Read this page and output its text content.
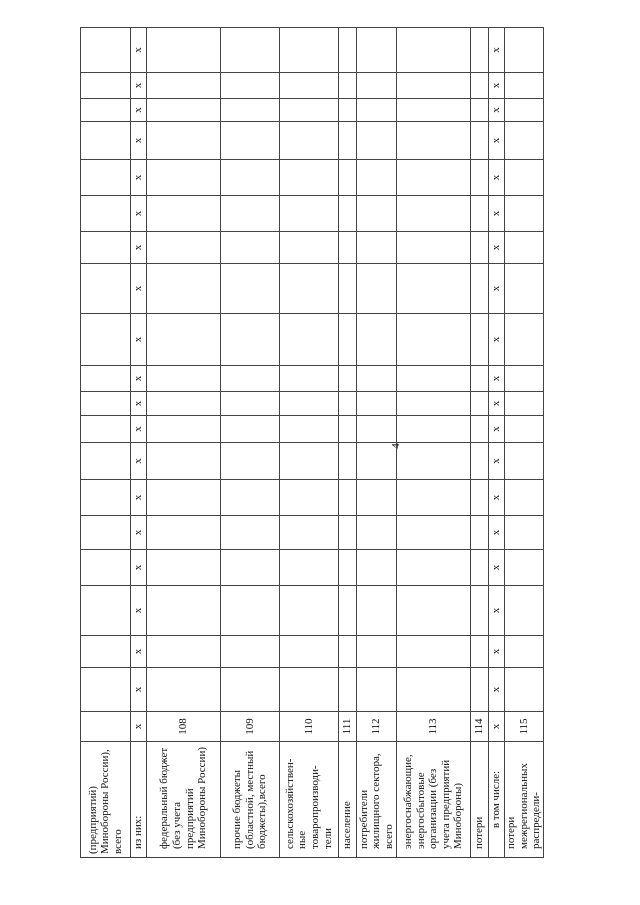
4
(предприятий) Минобороны России), всего																				
из них:	x	x	x	x	x	x	x	x	x	x	x	x	x	x	x	x	x	x	x	x
федеральный бюджет (без учета предприятий Минобороны России)	108																			
прочие бюджеты (областной, местный бюджеты),всего	109																			
сельскохозяйствен-ные товаропроизводи-тели	110																			
население	111																			
потребители жилищного сектора, всего	112																			
энергоснабжающие, энергосбытовые организации (без учета предприятий Минобороны)	113																			
потери	114																			
в том числе:	x	x	x	x	x	x	x	x	x	x	x	x	x	x	x	x	x	x	x	x
потери межрегиональных распредели-	115																			
